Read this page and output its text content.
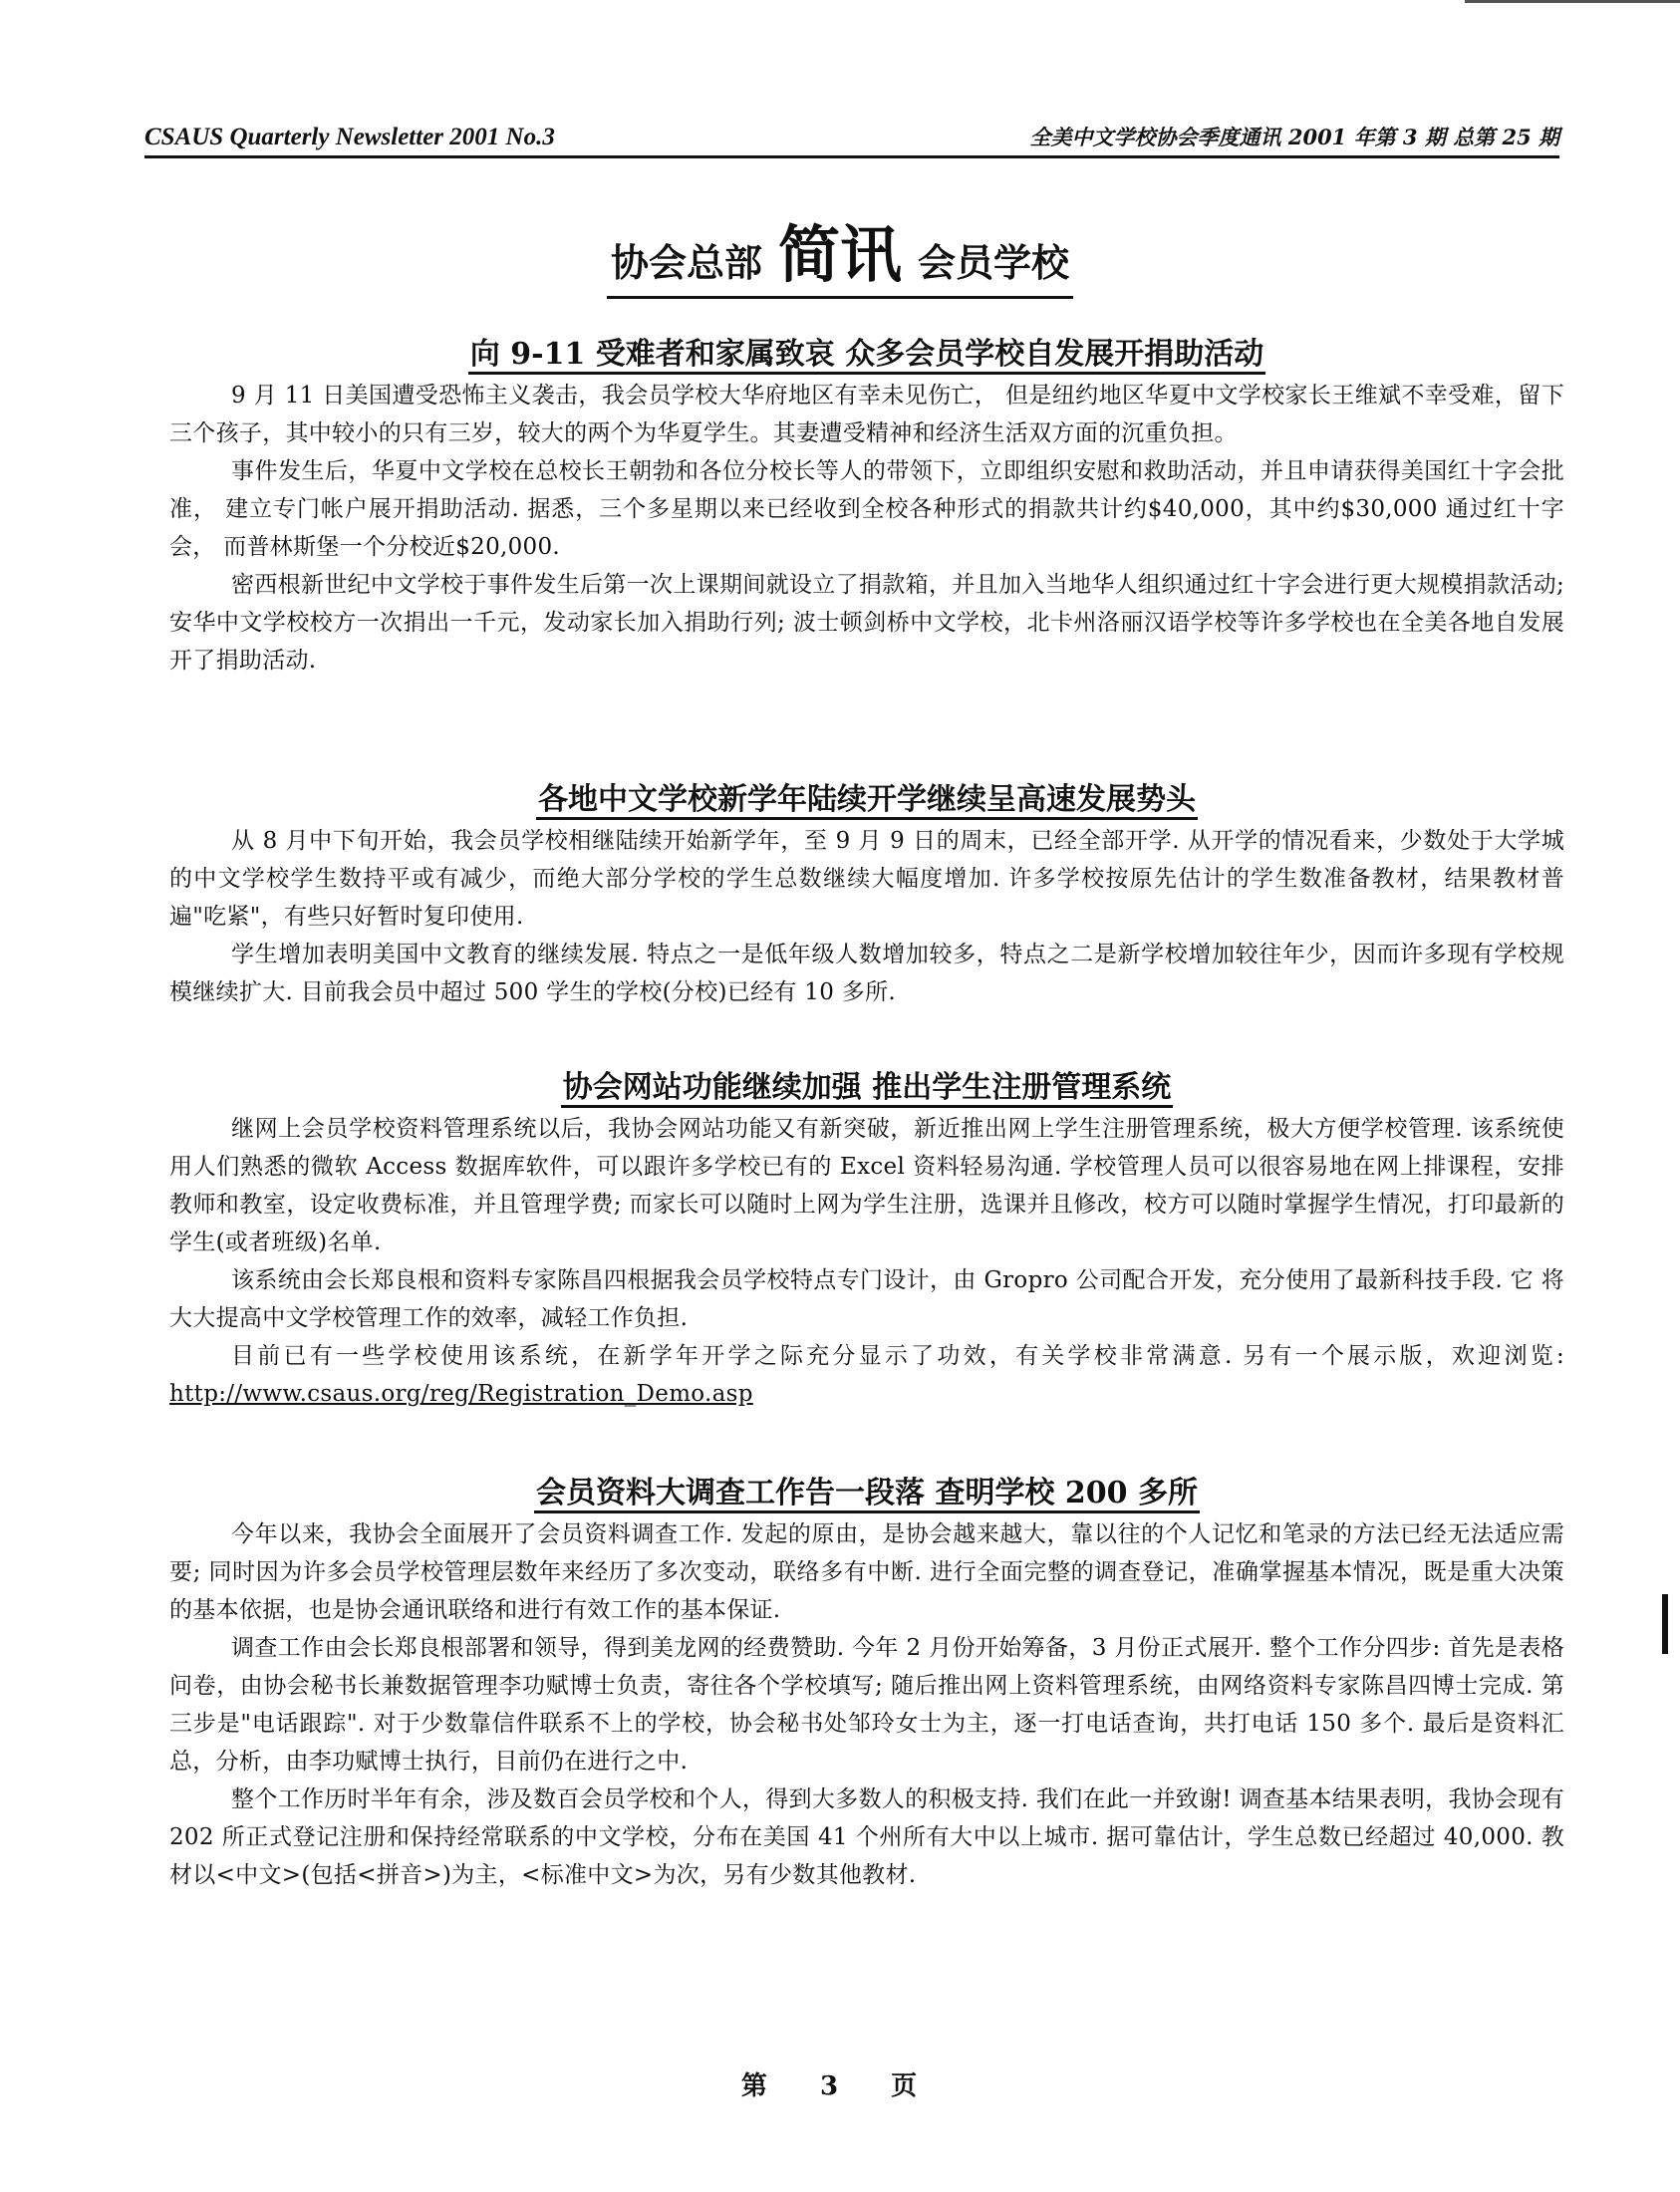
CSAUS Quarterly Newsletter 2001 No.3	全美中文学校协会季度通讯 2001 年第 3 期 总第 25 期
协会总部 简讯 会员学校
向 9-11 受难者和家属致哀 众多会员学校自发展开捐助活动

9 月 11 日美国遭受恐怖主义袭击，我会员学校大华府地区有幸未见伤亡， 但是纽约地区华夏中文学校家长王维斌不幸受难，留下三个孩子，其中较小的只有三岁，较大的两个为华夏学生。其妻遭受精神和经济生活双方面的沉重负担。

事件发生后，华夏中文学校在总校长王朝勃和各位分校长等人的带领下，立即组织安慰和救助活动，并且申请获得美国红十字会批准， 建立专门帐户展开捐助活动. 据悉，三个多星期以来已经收到全校各种形式的捐款共计约$40,000，其中约$30,000 通过红十字会， 而普林斯堡一个分校近$20,000.

密西根新世纪中文学校于事件发生后第一次上课期间就设立了捐款箱，并且加入当地华人组织通过红十字会进行更大规模捐款活动; 安华中文学校校方一次捐出一千元，发动家长加入捐助行列; 波士顿剑桥中文学校，北卡州洛丽汉语学校等许多学校也在全美各地自发展开了捐助活动.

各地中文学校新学年陆续开学继续呈高速发展势头

从 8 月中下旬开始，我会员学校相继陆续开始新学年，至 9 月 9 日的周末，已经全部开学. 从开学的情况看来，少数处于大学城的中文学校学生数持平或有减少，而绝大部分学校的学生总数继续大幅度增加. 许多学校按原先估计的学生数准备教材，结果教材普遍"吃紧"，有些只好暂时复印使用.

学生增加表明美国中文教育的继续发展. 特点之一是低年级人数增加较多，特点之二是新学校增加较往年少，因而许多现有学校规模继续扩大. 目前我会员中超过 500 学生的学校(分校)已经有 10 多所.

协会网站功能继续加强 推出学生注册管理系统

继网上会员学校资料管理系统以后，我协会网站功能又有新突破，新近推出网上学生注册管理系统，极大方便学校管理. 该系统使用人们熟悉的微软 Access 数据库软件，可以跟许多学校已有的 Excel 资料轻易沟通. 学校管理人员可以很容易地在网上排课程，安排教师和教室，设定收费标准，并且管理学费; 而家长可以随时上网为学生注册，选课并且修改，校方可以随时掌握学生情况，打印最新的学生(或者班级)名单.

该系统由会长郑良根和资料专家陈昌四根据我会员学校特点专门设计，由 Gropro 公司配合开发，充分使用了最新科技手段. 它 将大大提高中文学校管理工作的效率，减轻工作负担.

目前已有一些学校使用该系统，在新学年开学之际充分显示了功效，有关学校非常满意. 另有一个展示版，欢迎浏览: http://www.csaus.org/reg/Registration_Demo.asp

会员资料大调查工作告一段落 查明学校 200 多所

今年以来，我协会全面展开了会员资料调查工作. 发起的原由，是协会越来越大，靠以往的个人记忆和笔录的方法已经无法适应需要; 同时因为许多会员学校管理层数年来经历了多次变动，联络多有中断. 进行全面完整的调查登记，准确掌握基本情况，既是重大决策的基本依据，也是协会通讯联络和进行有效工作的基本保证.

调查工作由会长郑良根部署和领导，得到美龙网的经费赞助. 今年 2 月份开始筹备，3 月份正式展开. 整个工作分四步: 首先是表格问卷，由协会秘书长兼数据管理李功赋博士负责，寄往各个学校填写; 随后推出网上资料管理系统，由网络资料专家陈昌四博士完成. 第三步是"电话跟踪". 对于少数靠信件联系不上的学校，协会秘书处邹玲女士为主，逐一打电话查询，共打电话 150 多个. 最后是资料汇总，分析，由李功赋博士执行，目前仍在进行之中.

整个工作历时半年有余，涉及数百会员学校和个人，得到大多数人的积极支持. 我们在此一并致谢! 调查基本结果表明，我协会现有 202 所正式登记注册和保持经常联系的中文学校，分布在美国 41 个州所有大中以上城市. 据可靠估计，学生总数已经超过 40,000. 教材以<中文>(包括<拼音>)为主，<标准中文>为次，另有少数其他教材.

第 3 页
